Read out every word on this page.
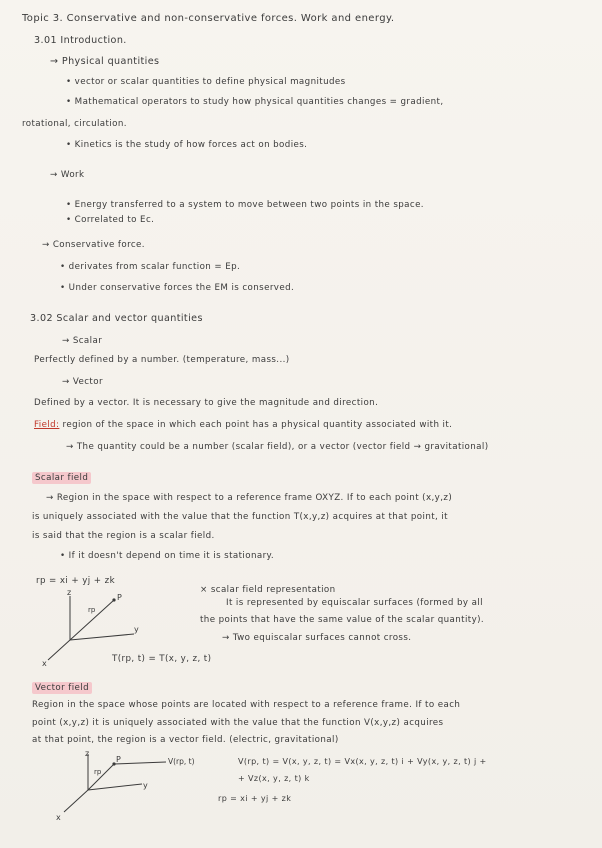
Topic 3. Conservative and non-conservative forces. Work and energy.
3.01 Introduction.
→ Physical quantities
• vector or scalar quantities to define physical magnitudes
• Mathematical operators to study how physical quantities changes = gradient,
rotational, circulation.
• Kinetics is the study of how forces act on bodies.
→ Work
• Energy transferred to a system to move between two points in the space.
• Correlated to Ec.
→ Conservative force.
• derivates from scalar function = Ep.
• Under conservative forces the EM is conserved.
3.02 Scalar and vector quantities
→ Scalar
Perfectly defined by a number. (temperature, mass...)
→ Vector
Defined by a vector. It is necessary to give the magnitude and direction.
Field: region of the space in which each point has a physical quantity associated with it.
→ The quantity could be a number (scalar field), or a vector (vector field → gravitational)
Scalar field
→ Region in the space with respect to a reference frame OXYZ. If to each point (x,y,z)
is uniquely associated with the value that the function T(x,y,z) acquires at that point, it
is said that the region is a scalar field.
• If it doesn't depend on time it is stationary.
rp = xi + yj + zk
z
y
x
P
rp
× scalar field representation
It is represented by equiscalar surfaces (formed by all
the points that have the same value of the scalar quantity).
→ Two equiscalar surfaces cannot cross.
T(rp, t) = T(x, y, z, t)
Vector field
Region in the space whose points are located with respect to a reference frame. If to each
point (x,y,z) it is uniquely associated with the value that the function V(x,y,z) acquires
at that point, the region is a vector field. (electric, gravitational)
z
y
x
P
rp
V(rp, t)	V(rp, t) = V(x, y, z, t) = Vx(x, y, z, t) i + Vy(x, y, z, t) j +
+ Vz(x, y, z, t) k
rp = xi + yj + zk
